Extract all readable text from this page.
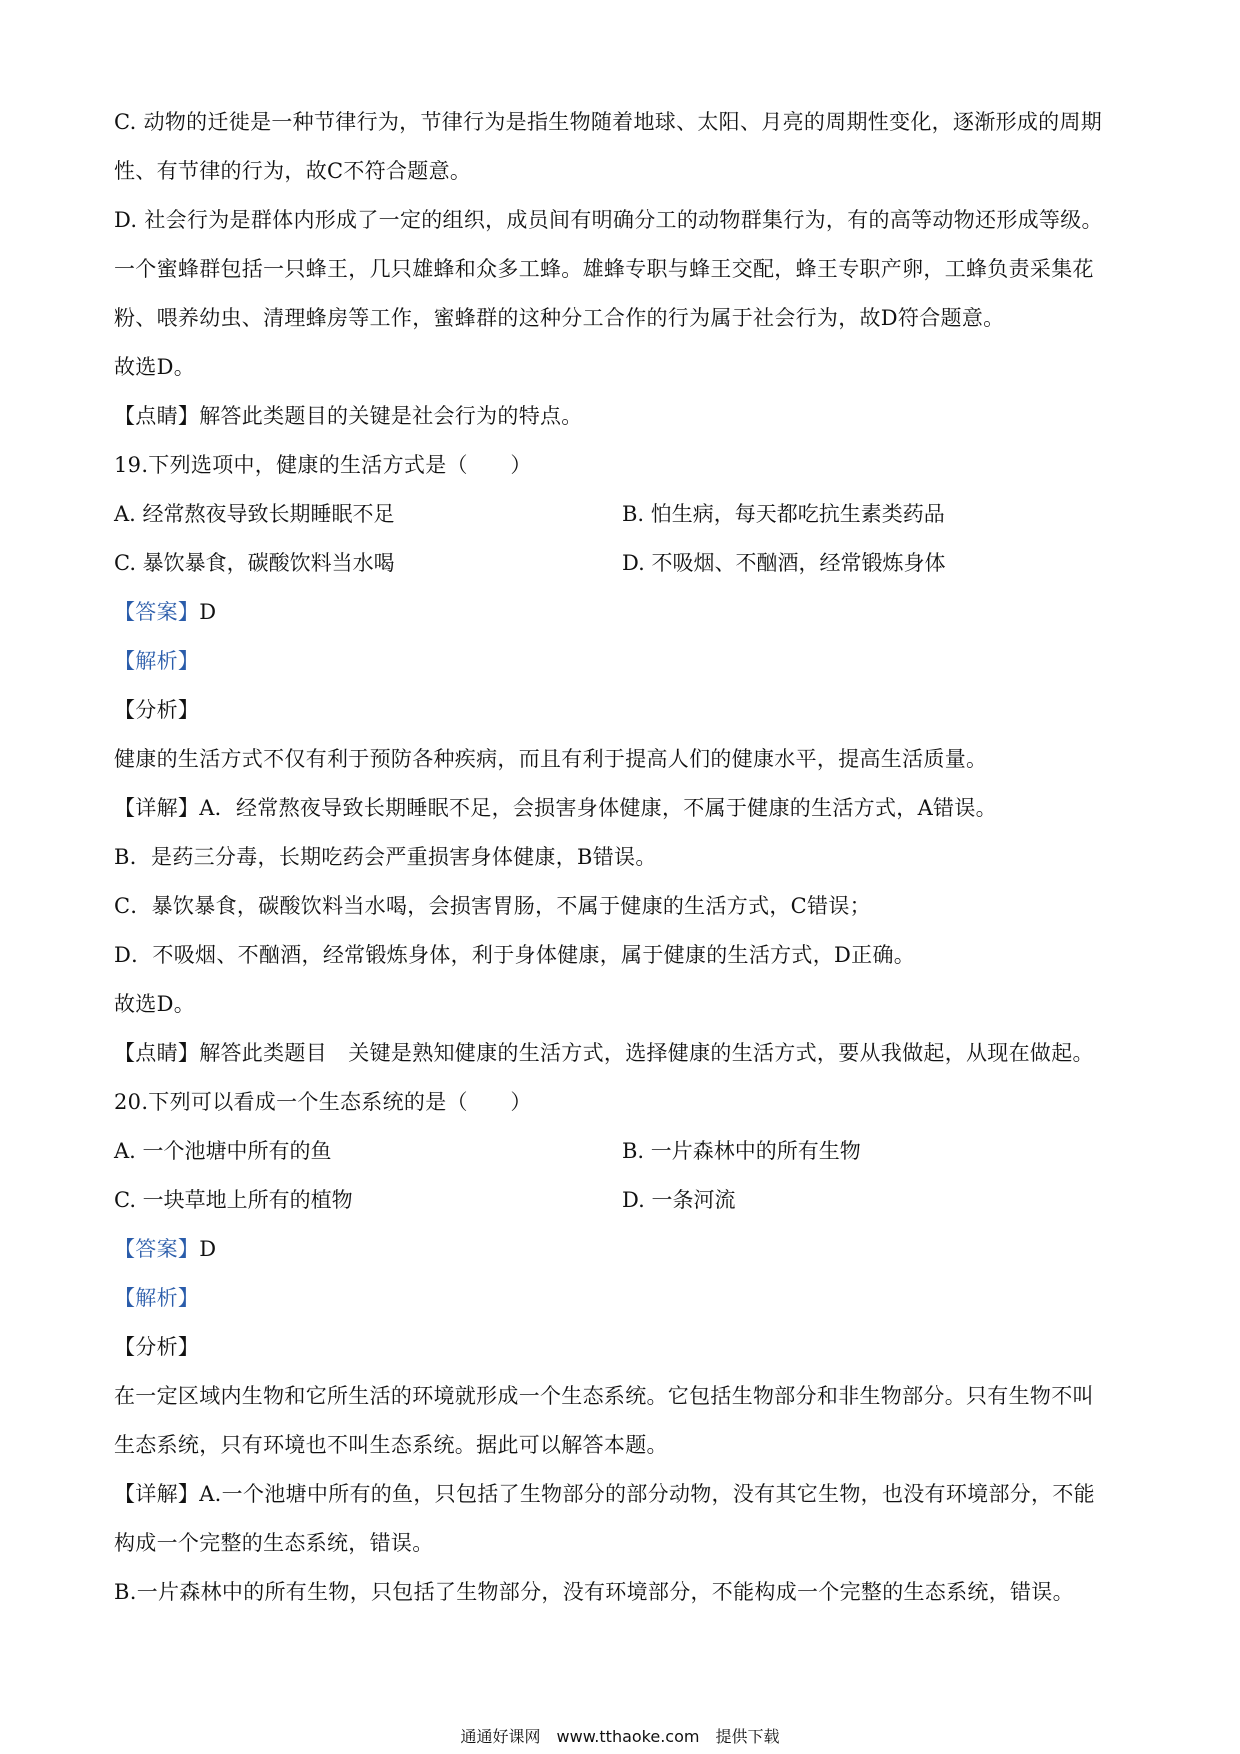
C. 动物的迁徙是一种节律行为，节律行为是指生物随着地球、太阳、月亮的周期性变化，逐渐形成的周期
性、有节律的行为，故C不符合题意。
D. 社会行为是群体内形成了一定的组织，成员间有明确分工的动物群集行为，有的高等动物还形成等级。
一个蜜蜂群包括一只蜂王，几只雄蜂和众多工蜂。雄蜂专职与蜂王交配，蜂王专职产卵，工蜂负责采集花
粉、喂养幼虫、清理蜂房等工作，蜜蜂群的这种分工合作的行为属于社会行为，故D符合题意。
故选D。
【点睛】解答此类题目的关键是社会行为的特点。
19.下列选项中，健康的生活方式是（　　）
A. 经常熬夜导致长期睡眠不足	B. 怕生病，每天都吃抗生素类药品
C. 暴饮暴食，碳酸饮料当水喝	D. 不吸烟、不酗酒，经常锻炼身体
【答案】D
【解析】
【分析】
健康的生活方式不仅有利于预防各种疾病，而且有利于提高人们的健康水平，提高生活质量。
【详解】A．经常熬夜导致长期睡眠不足，会损害身体健康，不属于健康的生活方式，A错误。
B．是药三分毒，长期吃药会严重损害身体健康，B错误。
C．暴饮暴食，碳酸饮料当水喝，会损害胃肠，不属于健康的生活方式，C错误；
D．不吸烟、不酗酒，经常锻炼身体，利于身体健康，属于健康的生活方式，D正确。
故选D。
【点睛】解答此类题目　关键是熟知健康的生活方式，选择健康的生活方式，要从我做起，从现在做起。
20.下列可以看成一个生态系统的是（　　）
A. 一个池塘中所有的鱼	B. 一片森林中的所有生物
C. 一块草地上所有的植物	D. 一条河流
【答案】D
【解析】
【分析】
在一定区域内生物和它所生活的环境就形成一个生态系统。它包括生物部分和非生物部分。只有生物不叫
生态系统，只有环境也不叫生态系统。据此可以解答本题。
【详解】A.一个池塘中所有的鱼，只包括了生物部分的部分动物，没有其它生物，也没有环境部分，不能
构成一个完整的生态系统，错误。
B.一片森林中的所有生物，只包括了生物部分，没有环境部分，不能构成一个完整的生态系统，错误。
通通好课网　www.tthaoke.com　提供下载
